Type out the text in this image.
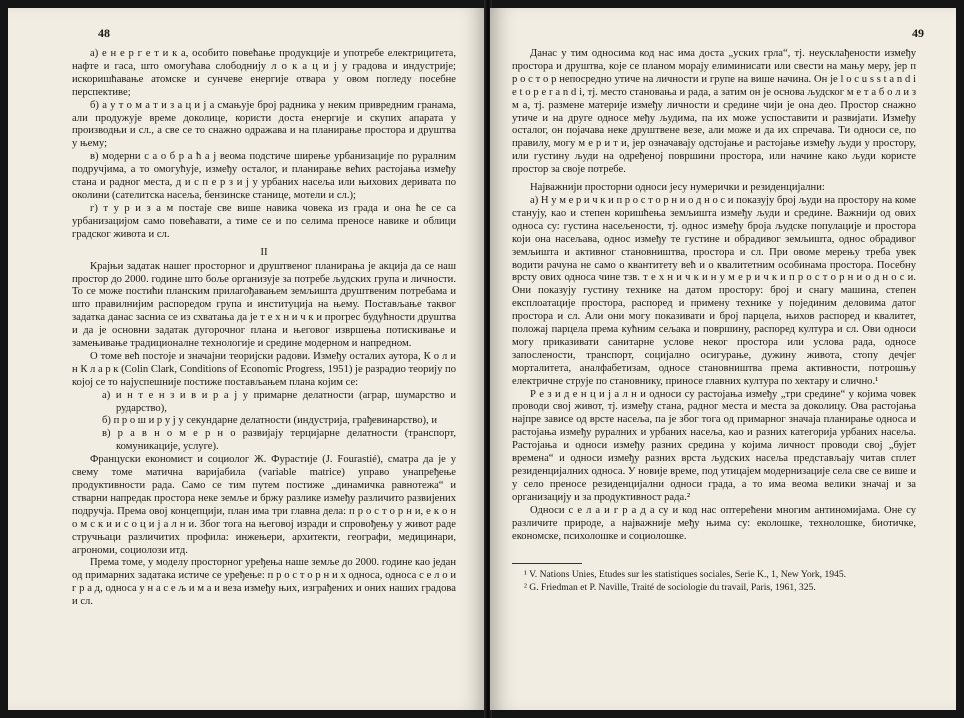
48

а) е н е р г е т и к а, особито повећање продукције и употребе електрицитета, нафте и гаса, што омогућава слободнију л о к а ц и ј у градова и индустрије; искоришћавање атомске и сунчеве енергије отвара у овом погледу посебне перспективе;

б) а у т о м а т и з а ц и ј а смањује број радника у неким привредним гранама, али продужује време доколице, користи доста енергије и скупих апарата у производњи и сл., а све се то снажно одражава и на планирање простора и друштва у њему;

в) модерни с а о б р а ћ а ј веома подстиче ширење урбанизације по руралним подручјима, а то омогућује, између осталог, и планирање већих растојања између стана и радног места, д и с п е р з и ј у урбаних насеља или њихових деривата по околини (сателитска насеља, бензинске станице, мотели и сл.);

г) т у р и з а м постаје све више навика човека из града и она ће се са урбанизацијом само повећавати, а тиме се и по селима преносе навике и облици градског живота и сл.

II

Крајњи задатак нашег просторног и друштвеног планирања је акција да се наш простор до 2000. године што боље организује за потребе људских група и личности. То се може постићи планским прилагођавањем земљишта друштвеним потребама и што правилнијим распоредом група и институција на њему. Постављање таквог задатка данас засниа се из схватања да је т е х н и ч к и прогрес будућности друштва и да је основни задатак дугорочног плана и његовог извршења потискивање и замењивање традиционалне технологије и средине модерном и напредном.

О томе већ постоје и значајни теоријски радови. Између осталих аутора, К о л и н К л а р к (Colin Clark, Conditions of Economic Progress, 1951) је разрадио теорију по којој се то најуспешније постиже постављањем плана којим се:

а) и н т е н з и в и р а ј у примарне делатности (аграр, шумарство и рударство),

б) п р о ш и р у ј у секундарне делатности (индустрија, грађевинарство), и

в) р а в н о м е р н о развијају терцијарне делатности (транспорт, комуникације, услуге).

Француски економист и социолог Ж. Фурастије (J. Fourastié), сматра да је у свему томе матична варијабила (variable matrice) управо унапређење продуктивности рада. Само се тим путем постиже „динамичка равнотежа“ и стварни напредак простора неке земље и бржу разлике између различито развијених подручја. Према овој концепцији, план има три главна дела: п р о с т о р н и, е к о н о м с к и и с о ц и ј а л н и. Због тога на његовој изради и спровођењу у живот раде стручњаци различитих профила: инжењери, архитекти, географи, медицинари, агрономи, социолози итд.

Према томе, у моделу просторног уређења наше земље до 2000. године као један од примарних задатака истиче се уређење: п р о с т о р н и х односа, односа с е л о и г р а д, односа у н а с е љ и м а и веза између њих, изграђених и оних наших градова и сл.

49

Данас у тим односима код нас има доста „уских грла“, тј. неусклађености између простора и друштва, које се планом морају елиминисати или свести на мању меру, јер п р о с т о р непосредно утиче на личности и групе на више начина. Он је l o c u s s t a n d i e t o p e r a n d i, тј. место становања и рада, а затим он је основа људског м е т а б о л и з м а, тј. размене материје између личности и средине чији је она део. Простор снажно утиче и на друге односе међу људима, па их може успоставити и развијати. Између осталог, он појачава неке друштвене везе, али може и да их спречава. Ти односи се, по правилу, могу м е р и т и, јер означавају одстојање и растојање између људи у простору, или густину људи на одређеној површини простора, или начине како људи користе простор за своје потребе.

Најважнији просторни односи јесу нумерички и резиденцијални:

а) Н у м е р и ч к и п р о с т о р н и о д н о с и показују број људи на простору на коме станују, као и степен коришћења земљишта између људи и средине. Важнији од ових односа су: густина насељености, тј. однос између броја људске популације и простора који она насељава, однос између те густине и обрадивог земљишта, однос обрадивог земљишта и активног становништва, простора и сл. При овоме мерењу треба увек водити рачуна не само о квантитету већ и о квалитетним особинама простора. Посебну врсту ових односа чине тзв. т е х н и ч к и н у м е р и ч к и п р о с т о р н и о д н о с и. Они показују густину технике на датом простору: број и снагу машина, степен експлоатације простора, распоред и примену технике у појединим деловима датог простора и сл. Али они могу показивати и број парцела, њихов распоред и квалитет, положај парцела према кућним сељака и површину, распоред култура и сл. Ови односи могу приказивати санитарне услове неког простора или услова рада, односе запослености, транспорт, социјално осигурање, дужину живота, стопу дечјег морталитета, аналфабетизам, односе становништва према активности, потрошњу електричне струје по становнику, приносе главних култура по хектару и слично.¹

Р е з и д е н ц и ј а л н и односи су растојања између „три средине“ у којима човек проводи свој живот, тј. између стана, радног места и места за доколицу. Ова растојања најпре зависе од врсте насеља, па је због тога од примарног значаја планирање односа и растојања између руралних и урбаних насеља, као и разних категорија урбаних насеља. Растојања и односи између разних средина у којима личност проводи свој „бујет времена“ и односи између разних врста људских насеља представљају читав сплет резиденцијалних односа. У новије време, под утицајем модернизације села све се више и у село преносе резиденцијални односи града, а то има веома велики значај и за организацију и за продуктивност рада.²

Односи с е л а и г р а д а су и код нас оптерећени многим антиномијама. Оне су различите природе, а најважније међу њима су: еколошке, технолошке, биотичке, економске, психолошке и социолошке.

¹ V. Nations Unies, Etudes sur les statistiques sociales, Serie K., 1, New York, 1945.

² G. Friedman et P. Naville, Traité de sociologie du travail, Paris, 1961, 325.
